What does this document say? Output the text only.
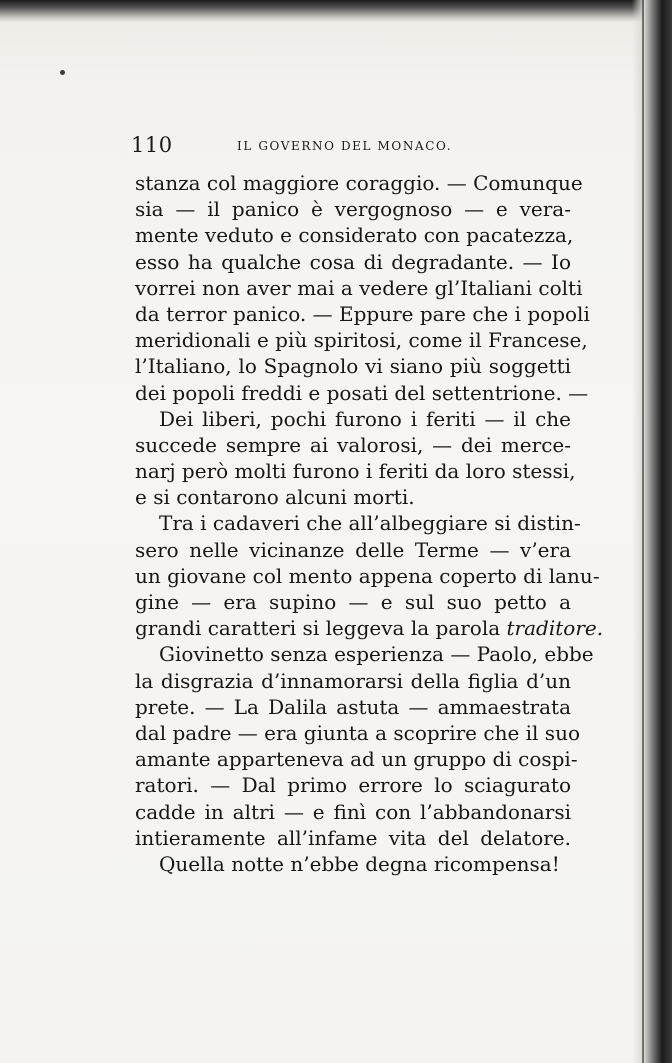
110	IL GOVERNO DEL MONACO.
stanza col maggiore coraggio. — Comunque
sia — il panico è vergognoso — e vera-
mente veduto e considerato con pacatezza,
esso ha qualche cosa di degradante. — Io
vorrei non aver mai a vedere gl’Italiani colti
da terror panico. — Eppure pare che i popoli
meridionali e più spiritosi, come il Francese,
l’Italiano, lo Spagnolo vi siano più soggetti
dei popoli freddi e posati del settentrione. —
Dei liberi, pochi furono i feriti — il che
succede sempre ai valorosi, — dei merce-
narj però molti furono i feriti da loro stessi,
e si contarono alcuni morti.
Tra i cadaveri che all’albeggiare si distin-
sero nelle vicinanze delle Terme — v’era
un giovane col mento appena coperto di lanu-
gine — era supino — e sul suo petto a
grandi caratteri si leggeva la parola traditore.
Giovinetto senza esperienza — Paolo, ebbe
la disgrazia d’innamorarsi della figlia d’un
prete. — La Dalila astuta — ammaestrata
dal padre — era giunta a scoprire che il suo
amante apparteneva ad un gruppo di cospi-
ratori. — Dal primo errore lo sciagurato
cadde in altri — e finì con l’abbandonarsi
intieramente all’infame vita del delatore.
Quella notte n’ebbe degna ricompensa!
